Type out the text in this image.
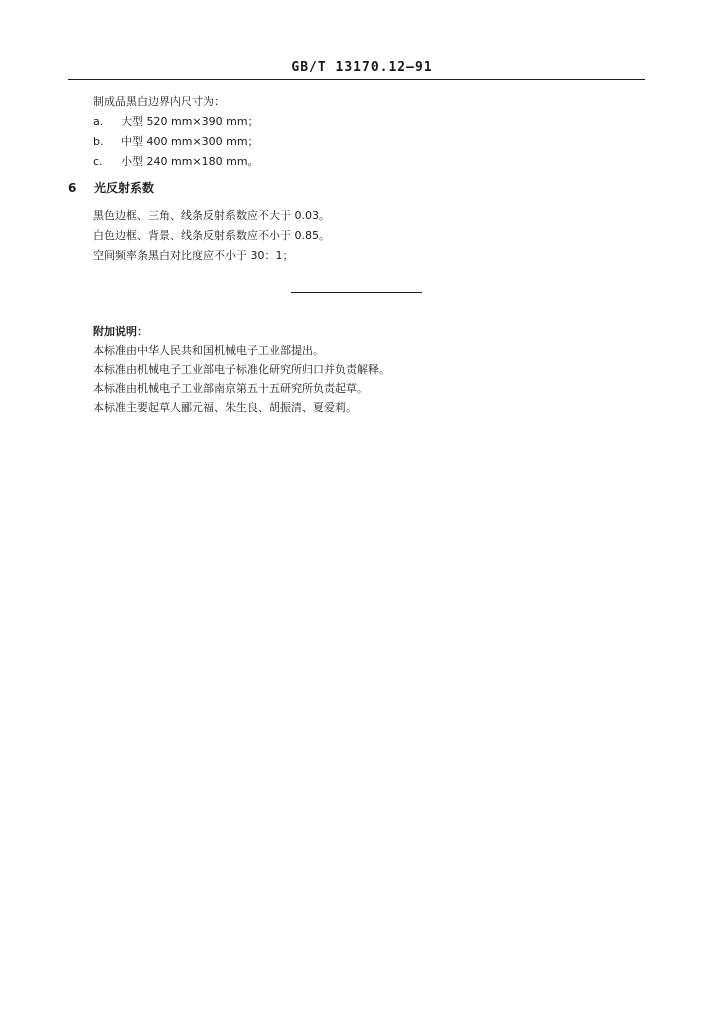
GB/T 13170.12—91
制成品黑白边界内尺寸为：
a. 大型 520 mm×390 mm；
b. 中型 400 mm×300 mm；
c. 小型 240 mm×180 mm。
6 光反射系数
黑色边框、三角、线条反射系数应不大于 0.03。
白色边框、背景、线条反射系数应不小于 0.85。
空间频率条黑白对比度应不小于 30：1；
附加说明：
本标准由中华人民共和国机械电子工业部提出。
本标准由机械电子工业部电子标准化研究所归口并负责解释。
本标准由机械电子工业部南京第五十五研究所负责起草。
本标准主要起草人郦元福、朱生良、胡振清、夏爱莉。
